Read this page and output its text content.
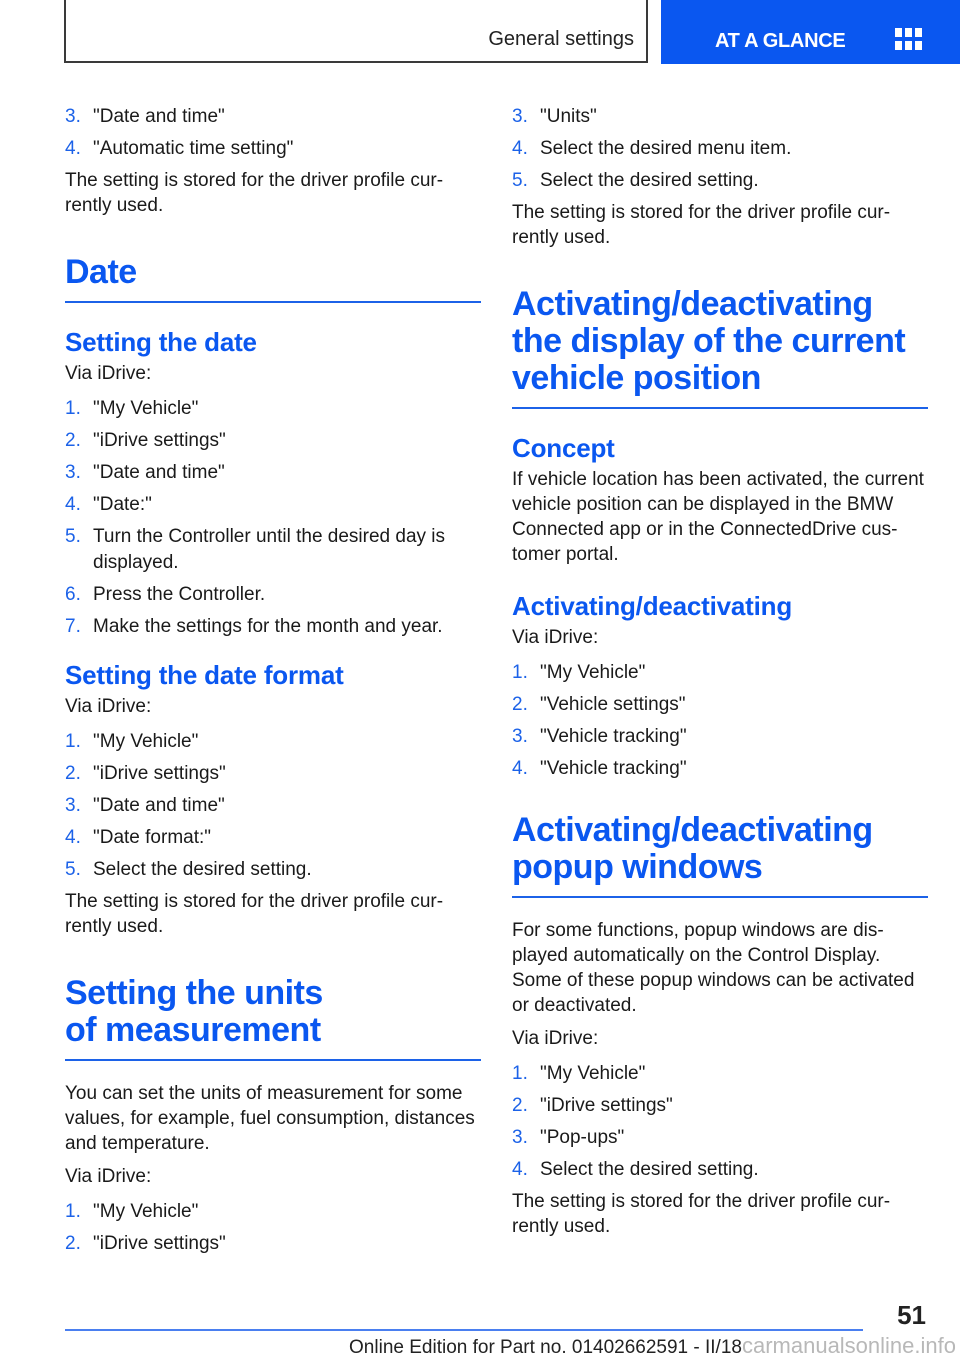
General settings	AT A GLANCE
3. "Date and time"
4. "Automatic time setting"

The setting is stored for the driver profile cur-rently used.

Date
Setting the date

Via iDrive:

1. "My Vehicle"
2. "iDrive settings"
3. "Date and time"
4. "Date:"
5. Turn the Controller until the desired day is displayed.
6. Press the Controller.
7. Make the settings for the month and year.
Setting the date format

Via iDrive:

1. "My Vehicle"
2. "iDrive settings"
3. "Date and time"
4. "Date format:"
5. Select the desired setting.

The setting is stored for the driver profile cur-rently used.

Setting the units of measurement

You can set the units of measurement for some values, for example, fuel consumption, distances and temperature.

Via iDrive:

1. "My Vehicle"
2. "iDrive settings"
3. "Units"
4. Select the desired menu item.
5. Select the desired setting.

The setting is stored for the driver profile cur-rently used.

Activating/deactivating the display of the current vehicle position
Concept

If vehicle location has been activated, the current vehicle position can be displayed in the BMW Connected app or in the ConnectedDrive cus-tomer portal.

Activating/deactivating

Via iDrive:

1. "My Vehicle"
2. "Vehicle settings"
3. "Vehicle tracking"
4. "Vehicle tracking"
Activating/deactivating popup windows

For some functions, popup windows are dis-played automatically on the Control Display. Some of these popup windows can be activated or deactivated.

Via iDrive:

1. "My Vehicle"
2. "iDrive settings"
3. "Pop-ups"
4. Select the desired setting.

The setting is stored for the driver profile cur-rently used.

51
Online Edition for Part no. 01402662591 - II/18carmanualsonline.info
